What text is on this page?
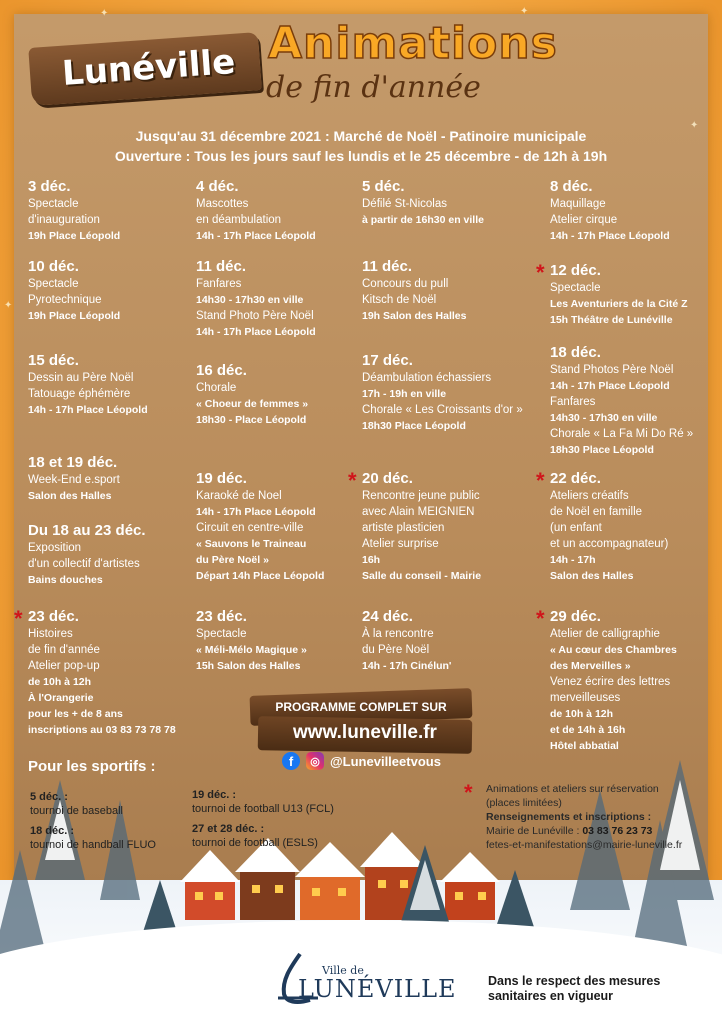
✦	✦
✦
✦
Lunéville Animations
de fin d'année
Jusqu'au 31 décembre 2021 : Marché de Noël - Patinoire municipale
Ouverture : Tous les jours sauf les lundis et le 25 décembre - de 12h à 19h
3 déc.
Spectacle
d'inauguration
19h Place Léopold
4 déc.
Mascottes
en déambulation
14h - 17h Place Léopold
5 déc.
Défilé St-Nicolas
à partir de 16h30 en ville
8 déc.
Maquillage
Atelier cirque
14h - 17h Place Léopold
10 déc.
Spectacle
Pyrotechnique
19h Place Léopold
11 déc.
Fanfares
14h30 - 17h30 en ville
Stand Photo Père Noël
14h - 17h Place Léopold
11 déc.
Concours du pull
Kitsch de Noël
19h Salon des Halles
* 12 déc.
Spectacle
Les Aventuriers de la Cité Z
15h Théâtre de Lunéville
15 déc.
Dessin au Père Noël
Tatouage éphémère
14h - 17h Place Léopold
16 déc.
Chorale
« Choeur de femmes »
18h30 - Place Léopold
17 déc.
Déambulation échassiers
17h - 19h en ville
Chorale « Les Croissants d'or »
18h30 Place Léopold
18 déc.
Stand Photos Père Noël
14h - 17h Place Léopold
Fanfares
14h30 - 17h30 en ville
Chorale « La Fa Mi Do Ré »
18h30 Place Léopold
18 et 19 déc.
Week-End e.sport
Salon des Halles
19 déc.
Karaoké de Noel
14h - 17h Place Léopold
Circuit en centre-ville
« Sauvons le Traineau
du Père Noël »
Départ 14h Place Léopold
* 20 déc.
Rencontre jeune public
avec Alain MEIGNIEN
artiste plasticien
Atelier surprise
16h
Salle du conseil - Mairie
* 22 déc.
Ateliers créatifs
de Noël en famille
(un enfant
et un accompagnateur)
14h - 17h
Salon des Halles
Du 18 au 23 déc.
Exposition
d'un collectif d'artistes
Bains douches
* 23 déc.
Histoires
de fin d'année
Atelier pop-up
de 10h à 12h
À l'Orangerie
pour les + de 8 ans
inscriptions au 03 83 73 78 78
23 déc.
Spectacle
« Méli-Mélo Magique »
15h Salon des Halles
24 déc.
À la rencontre
du Père Noël
14h - 17h Cinélun'
* 29 déc.
Atelier de calligraphie
« Au cœur des Chambres
des Merveilles »
Venez écrire des lettres
merveilleuses
de 10h à 12h
et de 14h à 16h
Hôtel abbatial
PROGRAMME COMPLET SUR
www.luneville.fr
f	◎ @Lunevilleetvous
Pour les sportifs :
5 déc. :
tournoi de baseball
18 déc. :
tournoi de handball FLUO
19 déc. :
tournoi de football U13 (FCL)
27 et 28 déc. :
tournoi de football (ESLS)
* Animations et ateliers sur réservation
(places limitées)
Renseignements et inscriptions :
Mairie de Lunéville : 03 83 76 23 73
fetes-et-manifestations@mairie-luneville.fr
Ville de
LUNÉVILLE	Dans le respect des mesures
sanitaires en vigueur
